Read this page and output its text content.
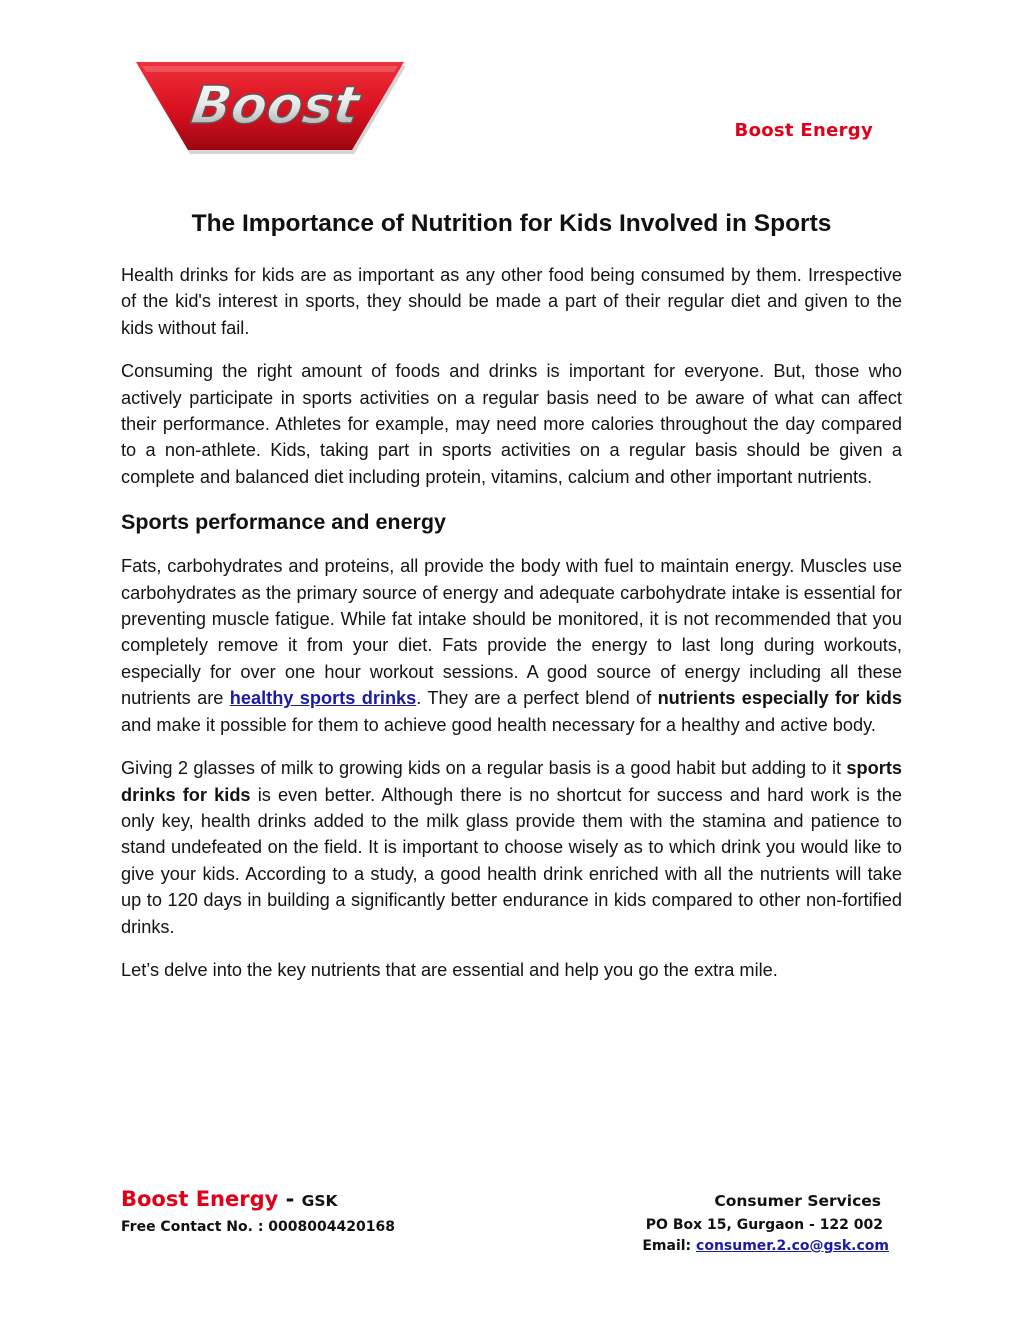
Boost	Boost Energy
The Importance of Nutrition for Kids Involved in Sports

Health drinks for kids are as important as any other food being consumed by them. Irrespective of the kid's interest in sports, they should be made a part of their regular diet and given to the kids without fail.

Consuming the right amount of foods and drinks is important for everyone. But, those who actively participate in sports activities on a regular basis need to be aware of what can affect their performance. Athletes for example, may need more calories throughout the day compared to a non-athlete. Kids, taking part in sports activities on a regular basis should be given a complete and balanced diet including protein, vitamins, calcium and other important nutrients.

Sports performance and energy

Fats, carbohydrates and proteins, all provide the body with fuel to maintain energy. Muscles use carbohydrates as the primary source of energy and adequate carbohydrate intake is essential for preventing muscle fatigue. While fat intake should be monitored, it is not recommended that you completely remove it from your diet. Fats provide the energy to last long during workouts, especially for over one hour workout sessions. A good source of energy including all these nutrients are healthy sports drinks. They are a perfect blend of nutrients especially for kids and make it possible for them to achieve good health necessary for a healthy and active body.

Giving 2 glasses of milk to growing kids on a regular basis is a good habit but adding to it sports drinks for kids is even better. Although there is no shortcut for success and hard work is the only key, health drinks added to the milk glass provide them with the stamina and patience to stand undefeated on the field. It is important to choose wisely as to which drink you would like to give your kids. According to a study, a good health drink enriched with all the nutrients will take up to 120 days in building a significantly better endurance in kids compared to other non-fortified drinks.

Let’s delve into the key nutrients that are essential and help you go the extra mile.

Boost Energy - GSK
Free Contact No. : 0008004420168
Consumer Services
PO Box 15, Gurgaon - 122 002
Email: consumer.2.co@gsk.com
